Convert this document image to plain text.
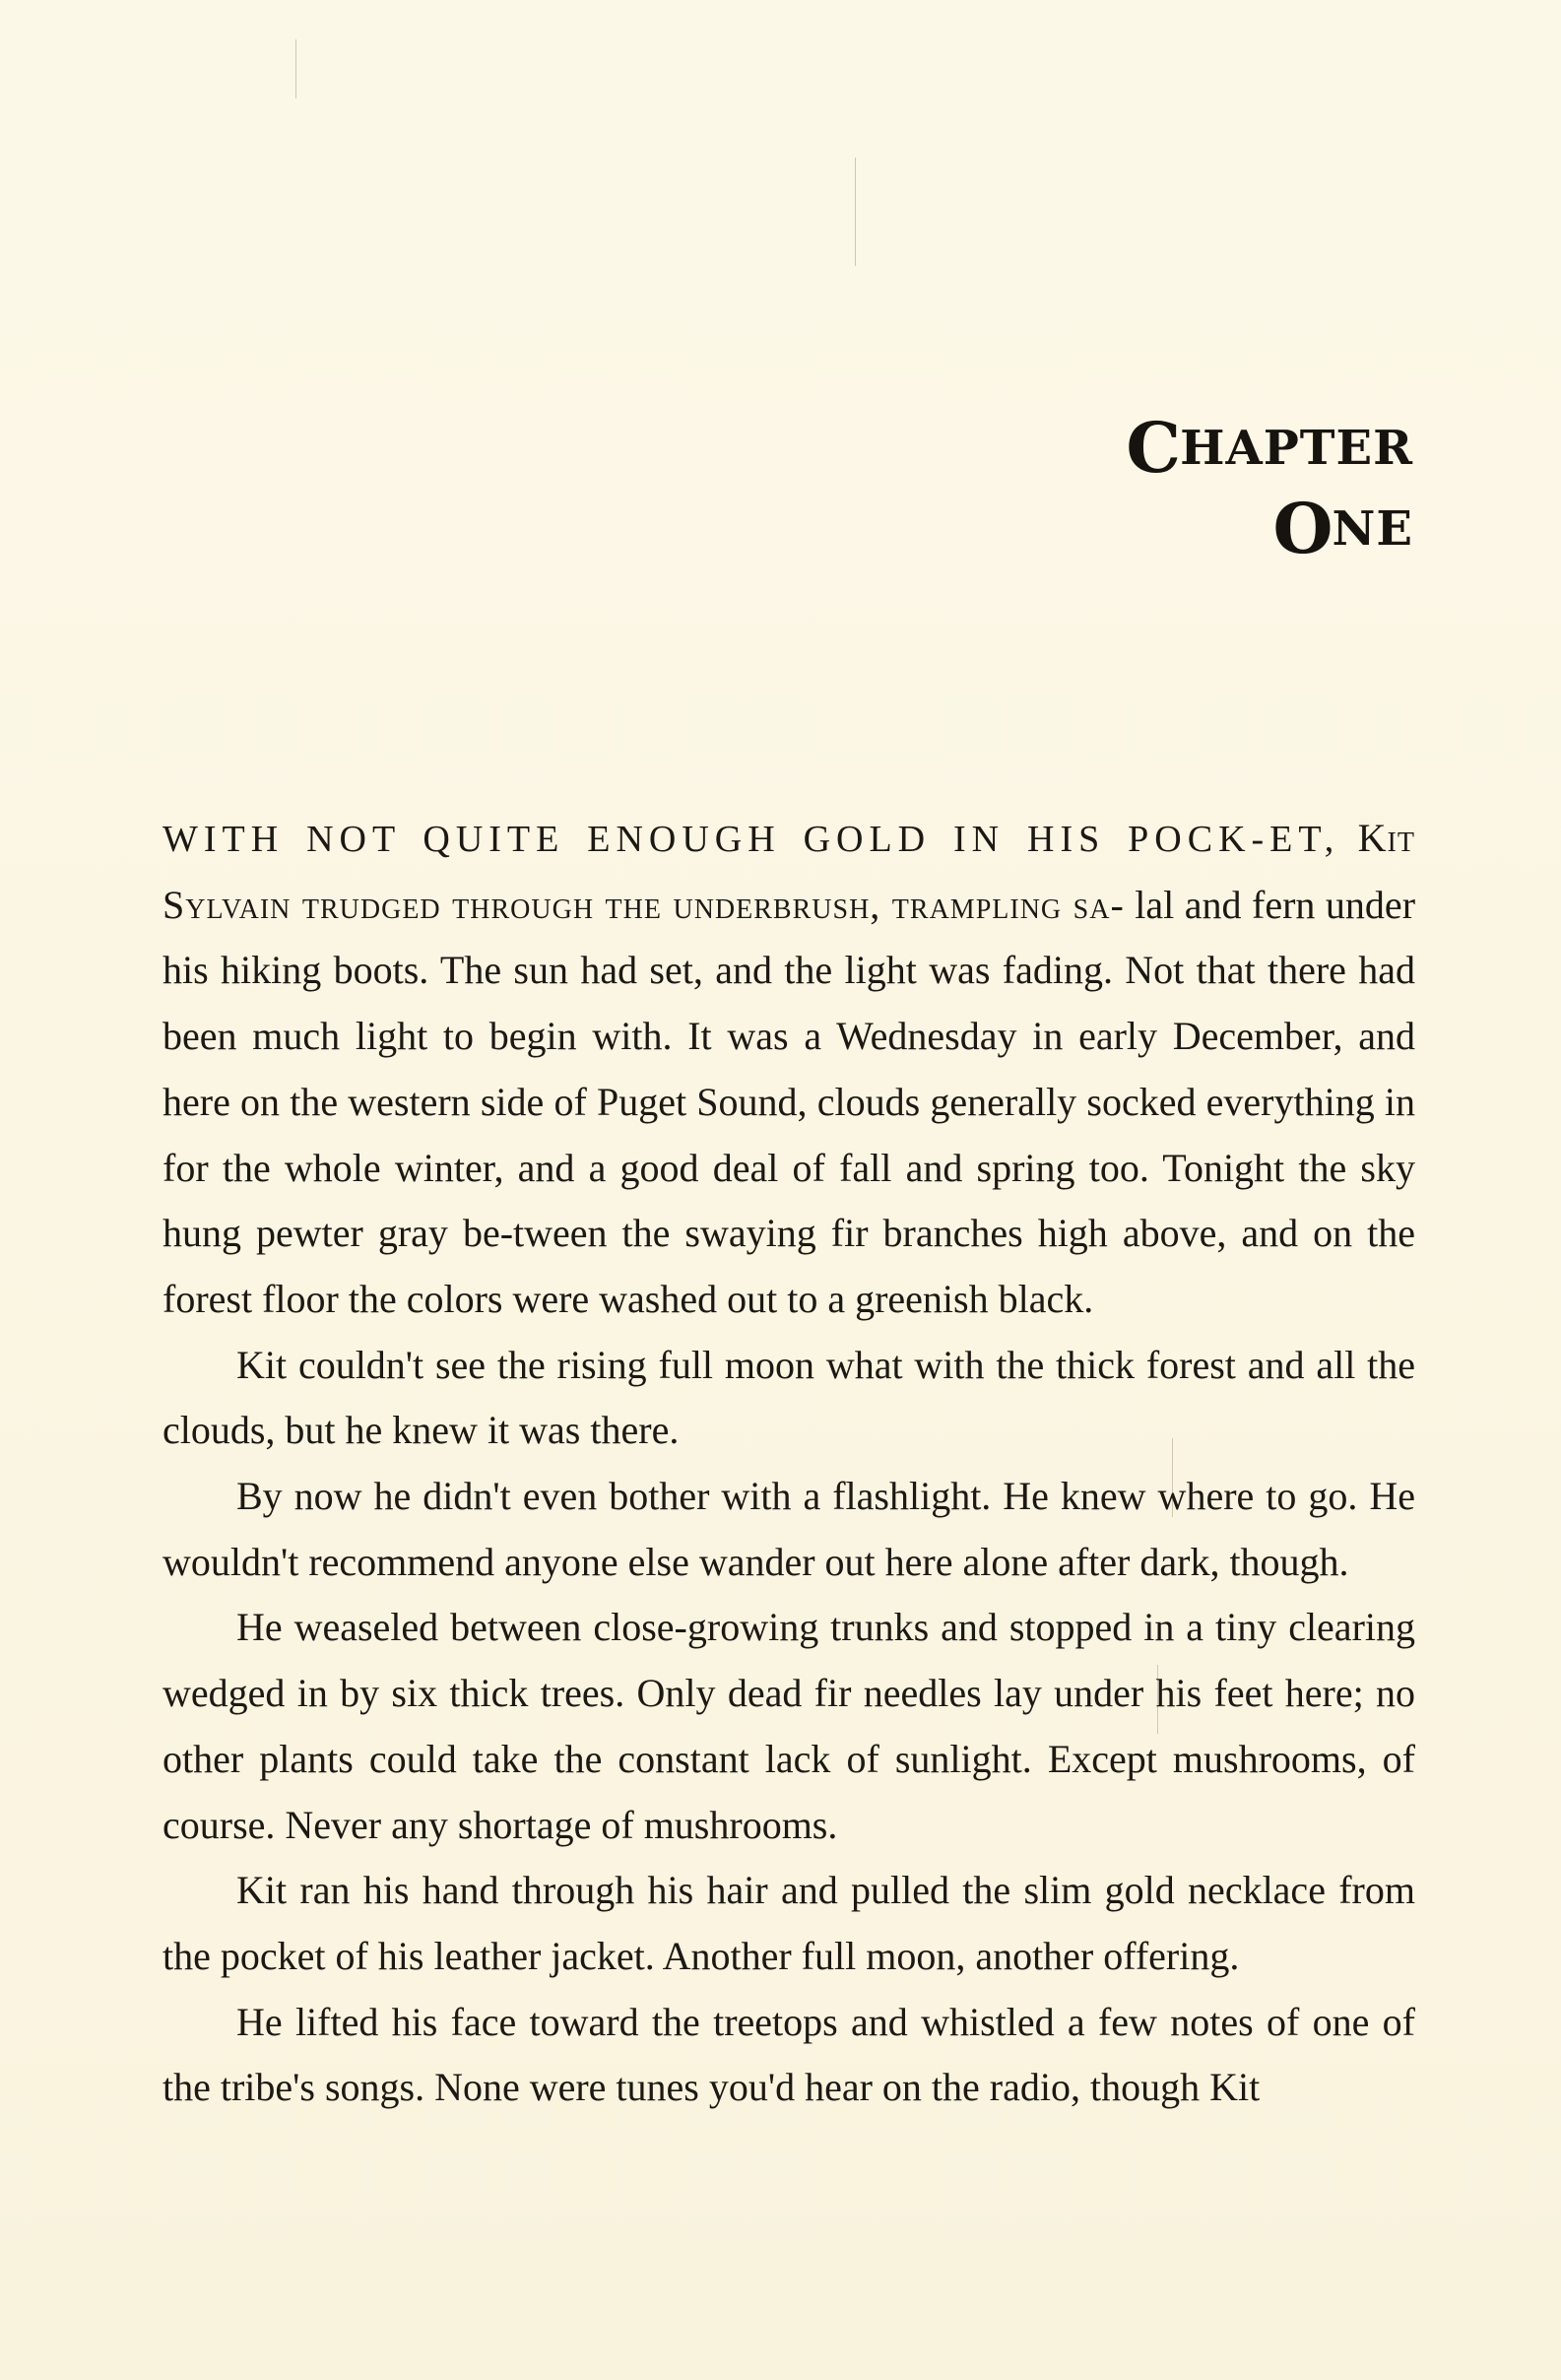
CHAPTER
ONE

WITH NOT QUITE ENOUGH GOLD IN HIS POCK-ET, Kit Sylvain trudged through the underbrush, trampling sa- lal and fern under his hiking boots. The sun had set, and the light was fading. Not that there had been much light to begin with. It was a Wednesday in early December, and here on the western side of Puget Sound, clouds generally socked everything in for the whole winter, and a good deal of fall and spring too. Tonight the sky hung pewter gray be-tween the swaying fir branches high above, and on the forest floor the colors were washed out to a greenish black.

Kit couldn't see the rising full moon what with the thick forest and all the clouds, but he knew it was there.

By now he didn't even bother with a flashlight. He knew where to go. He wouldn't recommend anyone else wander out here alone after dark, though.

He weaseled between close-growing trunks and stopped in a tiny clearing wedged in by six thick trees. Only dead fir needles lay under his feet here; no other plants could take the constant lack of sunlight. Except mushrooms, of course. Never any shortage of mushrooms.

Kit ran his hand through his hair and pulled the slim gold necklace from the pocket of his leather jacket. Another full moon, another offering.

He lifted his face toward the treetops and whistled a few notes of one of the tribe's songs. None were tunes you'd hear on the radio, though Kit
